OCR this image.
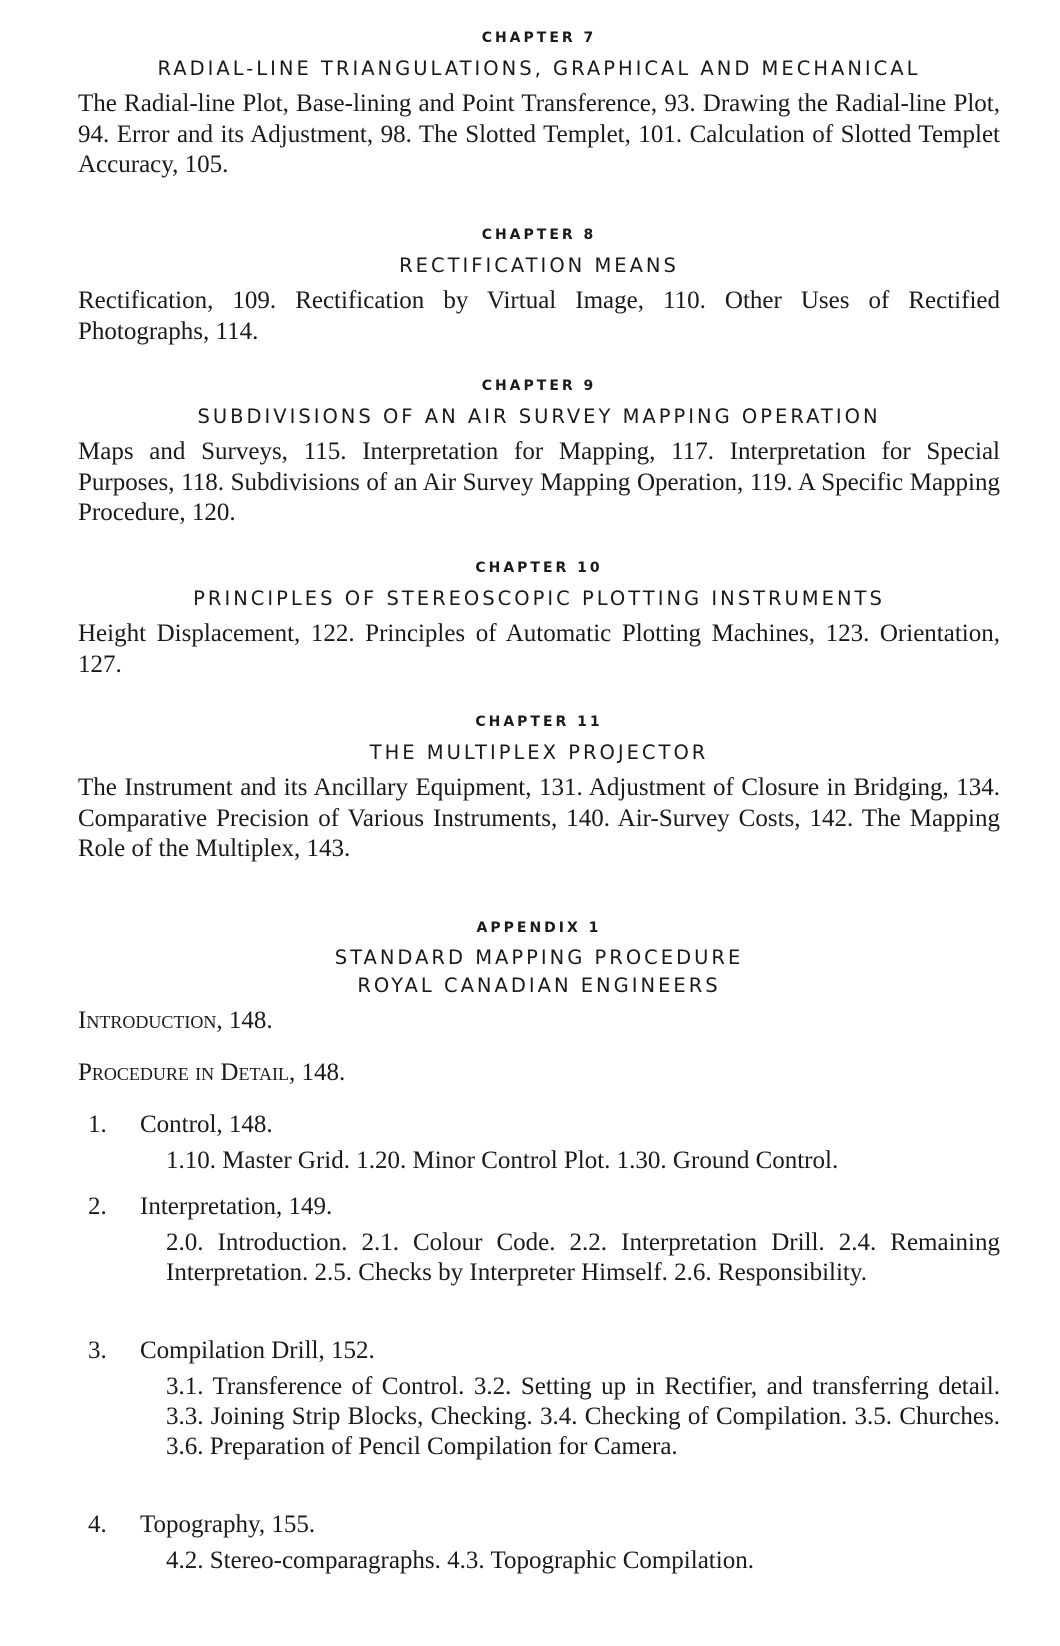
CHAPTER 7

RADIAL-LINE TRIANGULATIONS, GRAPHICAL AND MECHANICAL

The Radial-line Plot, Base-lining and Point Transference, 93. Drawing the Radial-line Plot, 94. Error and its Adjustment, 98. The Slotted Templet, 101. Calculation of Slotted Templet Accuracy, 105.

CHAPTER 8

RECTIFICATION MEANS

Rectification, 109. Rectification by Virtual Image, 110. Other Uses of Rectified Photographs, 114.

CHAPTER 9

SUBDIVISIONS OF AN AIR SURVEY MAPPING OPERATION

Maps and Surveys, 115. Interpretation for Mapping, 117. Interpretation for Special Purposes, 118. Subdivisions of an Air Survey Mapping Operation, 119. A Specific Mapping Procedure, 120.

CHAPTER 10

PRINCIPLES OF STEREOSCOPIC PLOTTING INSTRUMENTS

Height Displacement, 122. Principles of Automatic Plotting Machines, 123. Orientation, 127.

CHAPTER 11

THE MULTIPLEX PROJECTOR

The Instrument and its Ancillary Equipment, 131. Adjustment of Closure in Bridging, 134. Comparative Precision of Various Instruments, 140. Air-Survey Costs, 142. The Mapping Role of the Multiplex, 143.

APPENDIX 1

STANDARD MAPPING PROCEDURE

ROYAL CANADIAN ENGINEERS

Introduction, 148.

Procedure in Detail, 148.

1. Control, 148.

1.10. Master Grid. 1.20. Minor Control Plot. 1.30. Ground Control.

2. Interpretation, 149.

2.0. Introduction. 2.1. Colour Code. 2.2. Interpretation Drill. 2.4. Remaining Interpretation. 2.5. Checks by Interpreter Himself. 2.6. Responsibility.

3. Compilation Drill, 152.

3.1. Transference of Control. 3.2. Setting up in Rectifier, and transferring detail. 3.3. Joining Strip Blocks, Checking. 3.4. Checking of Compilation. 3.5. Churches. 3.6. Preparation of Pencil Compilation for Camera.

4. Topography, 155.

4.2. Stereo-comparagraphs. 4.3. Topographic Compilation.
